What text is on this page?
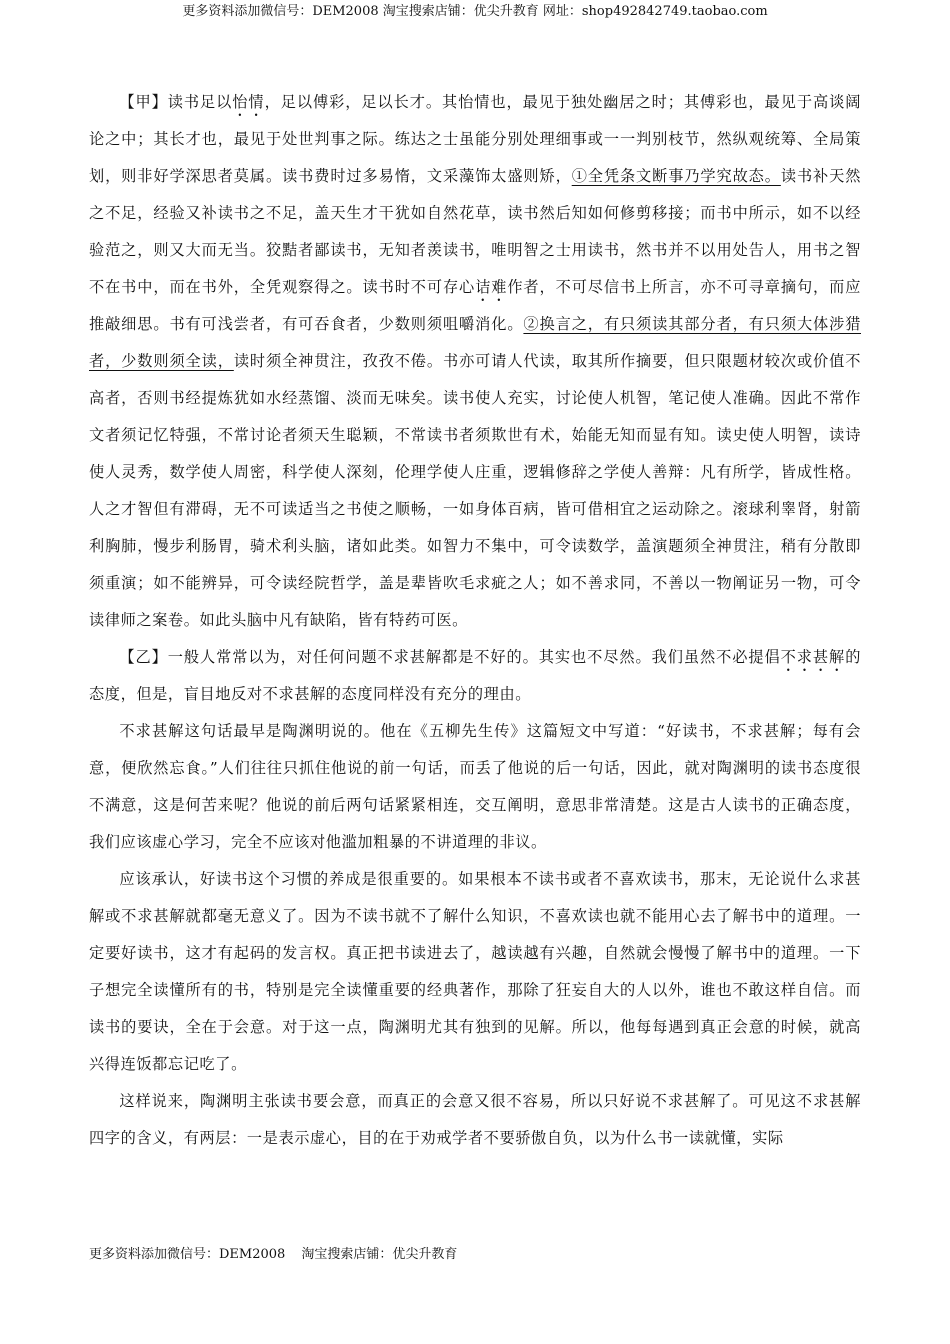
更多资料添加微信号：DEM2008 淘宝搜索店铺：优尖升教育 网址：shop492842749.taobao.com

【甲】读书足以怡情，足以傅彩，足以长才。其怡情也，最见于独处幽居之时；其傅彩也，最见于高谈阔论之中；其长才也，最见于处世判事之际。练达之士虽能分别处理细事或一一判别枝节，然纵观统筹、全局策划，则非好学深思者莫属。读书费时过多易惰，文采藻饰太盛则矫，①全凭条文断事乃学究故态。读书补天然之不足，经验又补读书之不足，盖天生才干犹如自然花草，读书然后知如何修剪移接；而书中所示，如不以经验范之，则又大而无当。狡黠者鄙读书，无知者羡读书，唯明智之士用读书，然书并不以用处告人，用书之智不在书中，而在书外，全凭观察得之。读书时不可存心诘难作者，不可尽信书上所言，亦不可寻章摘句，而应推敲细思。书有可浅尝者，有可吞食者，少数则须咀嚼消化。②换言之，有只须读其部分者，有只须大体涉猎者，少数则须全读，读时须全神贯注，孜孜不倦。书亦可请人代读，取其所作摘要，但只限题材较次或价值不高者，否则书经提炼犹如水经蒸馏、淡而无味矣。读书使人充实，讨论使人机智，笔记使人准确。因此不常作文者须记忆特强，不常讨论者须天生聪颖，不常读书者须欺世有术，始能无知而显有知。读史使人明智，读诗使人灵秀，数学使人周密，科学使人深刻，伦理学使人庄重，逻辑修辞之学使人善辩：凡有所学，皆成性格。人之才智但有滞碍，无不可读适当之书使之顺畅，一如身体百病，皆可借相宜之运动除之。滚球利睾肾，射箭利胸肺，慢步利肠胃，骑术利头脑，诸如此类。如智力不集中，可令读数学，盖演题须全神贯注，稍有分散即须重演；如不能辨异，可令读经院哲学，盖是辈皆吹毛求疵之人；如不善求同，不善以一物阐证另一物，可令读律师之案卷。如此头脑中凡有缺陷，皆有特药可医。

【乙】一般人常常以为，对任何问题不求甚解都是不好的。其实也不尽然。我们虽然不必提倡不求甚解的态度，但是，盲目地反对不求甚解的态度同样没有充分的理由。

不求甚解这句话最早是陶渊明说的。他在《五柳先生传》这篇短文中写道：“好读书，不求甚解；每有会意，便欣然忘食。”人们往往只抓住他说的前一句话，而丢了他说的后一句话，因此，就对陶渊明的读书态度很不满意，这是何苦来呢？他说的前后两句话紧紧相连，交互阐明，意思非常清楚。这是古人读书的正确态度，我们应该虚心学习，完全不应该对他滥加粗暴的不讲道理的非议。

应该承认，好读书这个习惯的养成是很重要的。如果根本不读书或者不喜欢读书，那末，无论说什么求甚解或不求甚解就都毫无意义了。因为不读书就不了解什么知识，不喜欢读也就不能用心去了解书中的道理。一定要好读书，这才有起码的发言权。真正把书读进去了，越读越有兴趣，自然就会慢慢了解书中的道理。一下子想完全读懂所有的书，特别是完全读懂重要的经典著作，那除了狂妄自大的人以外，谁也不敢这样自信。而读书的要诀，全在于会意。对于这一点，陶渊明尤其有独到的见解。所以，他每每遇到真正会意的时候，就高兴得连饭都忘记吃了。

这样说来，陶渊明主张读书要会意，而真正的会意又很不容易，所以只好说不求甚解了。可见这不求甚解四字的含义，有两层：一是表示虚心，目的在于劝戒学者不要骄傲自负，以为什么书一读就懂，实际

更多资料添加微信号：DEM2008 淘宝搜索店铺：优尖升教育
